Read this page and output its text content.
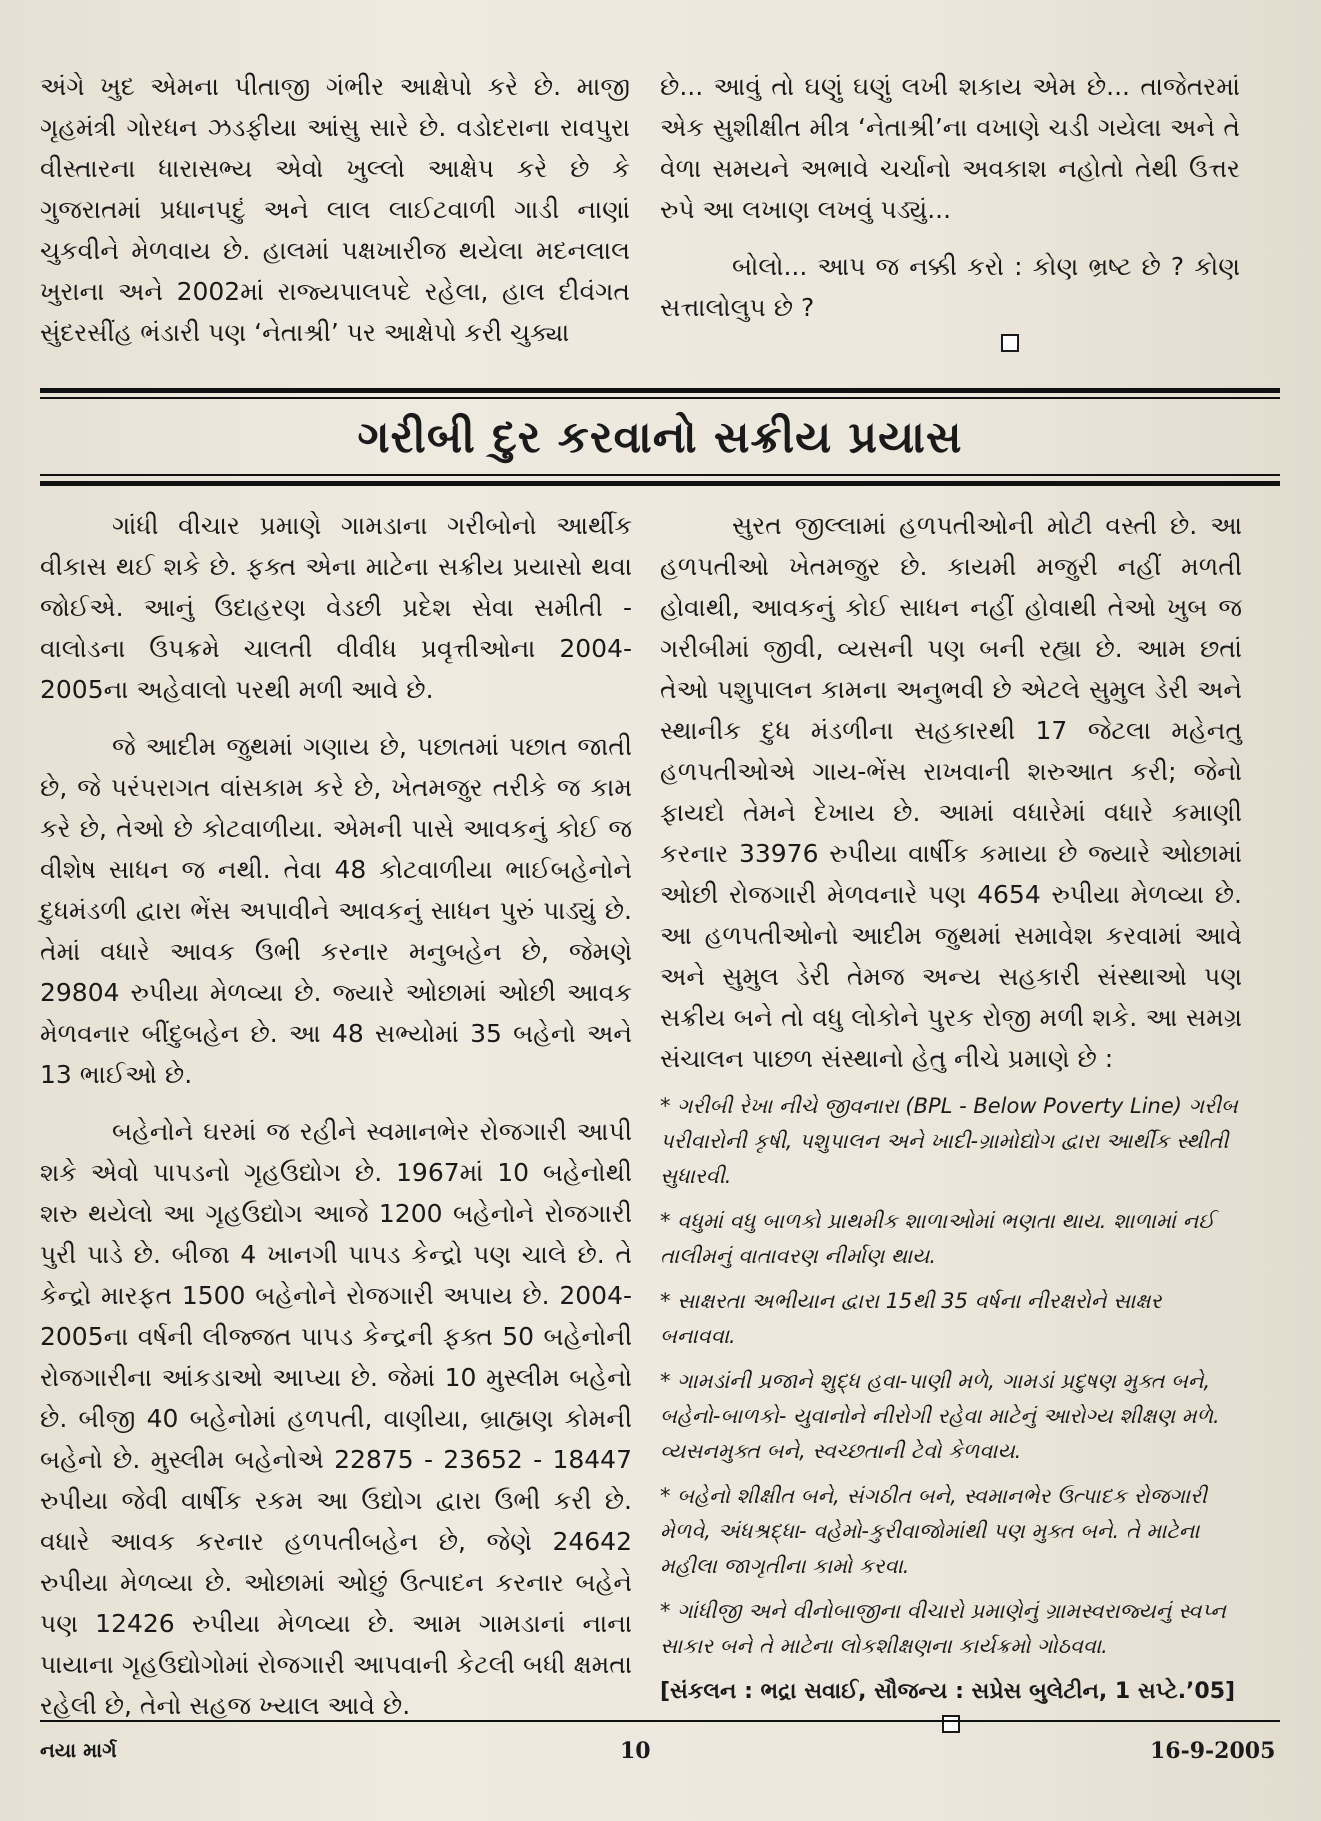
અંગે ખુદ એમના પીતાજી ગંભીર આક્ષેપો કરે છે. માજી ગૃહમંત્રી ગોરધન ઝડફીયા આંસુ સારે છે. વડોદરાના રાવપુરા વીસ્તારના ધારાસભ્ય એવો ખુલ્લો આક્ષેપ કરે છે કે ગુજરાતમાં પ્રધાનપદું અને લાલ લાઈટવાળી ગાડી નાણાં ચુકવીને મેળવાય છે. હાલમાં પક્ષખારીજ થયેલા મદનલાલ ખુરાના અને 2002માં રાજ્યપાલપદે રહેલા, હાલ દીવંગત સુંદરસીંહ ભંડારી પણ ‘નેતાશ્રી’ પર આક્ષેપો કરી ચુક્યા

છે... આવું તો ઘણું ઘણું લખી શકાય એમ છે... તાજેતરમાં એક સુશીક્ષીત મીત્ર ‘નેતાશ્રી’ના વખાણે ચડી ગયેલા અને તે વેળા સમયને અભાવે ચર્ચાનો અવકાશ નહોતો તેથી ઉત્તર રુપે આ લખાણ લખવું પડ્યું...

બોલો... આપ જ નક્કી કરો : કોણ ભ્રષ્ટ છે ? કોણ સત્તાલોલુપ છે ?

ગરીબી દુર કરવાનો સક્રીય પ્રયાસ

ગાંધી વીચાર પ્રમાણે ગામડાના ગરીબોનો આર્થીક વીકાસ થઈ શકે છે. ફક્ત એના માટેના સક્રીય પ્રયાસો થવા જોઈએ. આનું ઉદાહરણ વેડછી પ્રદેશ સેવા સમીતી - વાલોડના ઉપક્રમે ચાલતી વીવીધ પ્રવૃત્તીઓના 2004-2005ના અહેવાલો પરથી મળી આવે છે.

જે આદીમ જુથમાં ગણાય છે, પછાતમાં પછાત જાતી છે, જે પરંપરાગત વાંસકામ કરે છે, ખેતમજુર તરીકે જ કામ કરે છે, તેઓ છે કોટવાળીયા. એમની પાસે આવકનું કોઈ જ વીશેષ સાધન જ નથી. તેવા 48 કોટવાળીયા ભાઈબહેનોને દુધમંડળી દ્વારા ભેંસ અપાવીને આવકનું સાધન પુરું પાડ્યું છે. તેમાં વધારે આવક ઉભી કરનાર મનુબહેન છે, જેમણે 29804 રુપીયા મેળવ્યા છે. જ્યારે ઓછામાં ઓછી આવક મેળવનાર બીંદુબહેન છે. આ 48 સભ્યોમાં 35 બહેનો અને 13 ભાઈઓ છે.

બહેનોને ઘરમાં જ રહીને સ્વમાનભેર રોજગારી આપી શકે એવો પાપડનો ગૃહઉદ્યોગ છે. 1967માં 10 બહેનોથી શરુ થયેલો આ ગૃહઉદ્યોગ આજે 1200 બહેનોને રોજગારી પુરી પાડે છે. બીજા 4 ખાનગી પાપડ કેન્દ્રો પણ ચાલે છે. તે કેન્દ્રો મારફત 1500 બહેનોને રોજગારી અપાય છે. 2004-2005ના વર્ષની લીજ્જત પાપડ કેન્દ્રની ફક્ત 50 બહેનોની રોજગારીના આંકડાઓ આપ્યા છે. જેમાં 10 મુસ્લીમ બહેનો છે. બીજી 40 બહેનોમાં હળપતી, વાણીયા, બ્રાહ્મણ કોમની બહેનો છે. મુસ્લીમ બહેનોએ 22875 - 23652 - 18447 રુપીયા જેવી વાર્ષીક રકમ આ ઉદ્યોગ દ્વારા ઉભી કરી છે. વધારે આવક કરનાર હળપતીબહેન છે, જેણે 24642 રુપીયા મેળવ્યા છે. ઓછામાં ઓછું ઉત્પાદન કરનાર બહેને પણ 12426 રુપીયા મેળવ્યા છે. આમ ગામડાનાં નાના પાયાના ગૃહઉદ્યોગોમાં રોજગારી આપવાની કેટલી બધી ક્ષમતા રહેલી છે, તેનો સહજ ખ્યાલ આવે છે.

સુરત જીલ્લામાં હળપતીઓની મોટી વસ્તી છે. આ હળપતીઓ ખેતમજુર છે. કાયમી મજુરી નહીં મળતી હોવાથી, આવકનું કોઈ સાધન નહીં હોવાથી તેઓ ખુબ જ ગરીબીમાં જીવી, વ્યસની પણ બની રહ્યા છે. આમ છતાં તેઓ પશુપાલન કામના અનુભવી છે એટલે સુમુલ ડેરી અને સ્થાનીક દુધ મંડળીના સહકારથી 17 જેટલા મહેનતુ હળપતીઓએ ગાય-ભેંસ રાખવાની શરુઆત કરી; જેનો ફાયદો તેમને દેખાય છે. આમાં વધારેમાં વધારે કમાણી કરનાર 33976 રુપીયા વાર્ષીક કમાયા છે જ્યારે ઓછામાં ઓછી રોજગારી મેળવનારે પણ 4654 રુપીયા મેળવ્યા છે. આ હળપતીઓનો આદીમ જુથમાં સમાવેશ કરવામાં આવે અને સુમુલ ડેરી તેમજ અન્ય સહકારી સંસ્થાઓ પણ સક્રીય બને તો વધુ લોકોને પુરક રોજી મળી શકે. આ સમગ્ર સંચાલન પાછળ સંસ્થાનો હેતુ નીચે પ્રમાણે છે :

* ગરીબી રેખા નીચે જીવનારા (BPL - Below Poverty Line) ગરીબ પરીવારોની કૃષી, પશુપાલન અને ખાદી-ગ્રામોદ્યોગ દ્વારા આર્થીક સ્થીતી સુધારવી.

* વધુમાં વધુ બાળકો પ્રાથમીક શાળાઓમાં ભણતા થાય. શાળામાં નઈ તાલીમનું વાતાવરણ નીર્માણ થાય.

* સાક્ષરતા અભીયાન દ્વારા 15થી 35 વર્ષના નીરક્ષરોને સાક્ષર બનાવવા.

* ગામડાંની પ્રજાને શુદ્ધ હવા-પાણી મળે, ગામડાં પ્રદુષણ મુક્ત બને, બહેનો-બાળકો- યુવાનોને નીરોગી રહેવા માટેનું આરોગ્ય શીક્ષણ મળે. વ્યસનમુક્ત બને, સ્વચ્છતાની ટેવો કેળવાય.

* બહેનો શીક્ષીત બને, સંગઠીત બને, સ્વમાનભેર ઉત્પાદક રોજગારી મેળવે, અંધશ્રદ્ધા- વહેમો-કુરીવાજોમાંથી પણ મુક્ત બને. તે માટેના મહીલા જાગૃતીના કામો કરવા.

* ગાંધીજી અને વીનોબાજીના વીચારો પ્રમાણેનું ગ્રામસ્વરાજ્યનું સ્વપ્ન સાકાર બને તે માટેના લોકશીક્ષણના કાર્યક્રમો ગોઠવવા.

[સંકલન : ભદ્રા સવાઈ, સૌજન્ય : સપ્રેસ બુલેટીન, 1 સપ્ટે.’05]

નયા માર્ગ	10	16-9-2005
